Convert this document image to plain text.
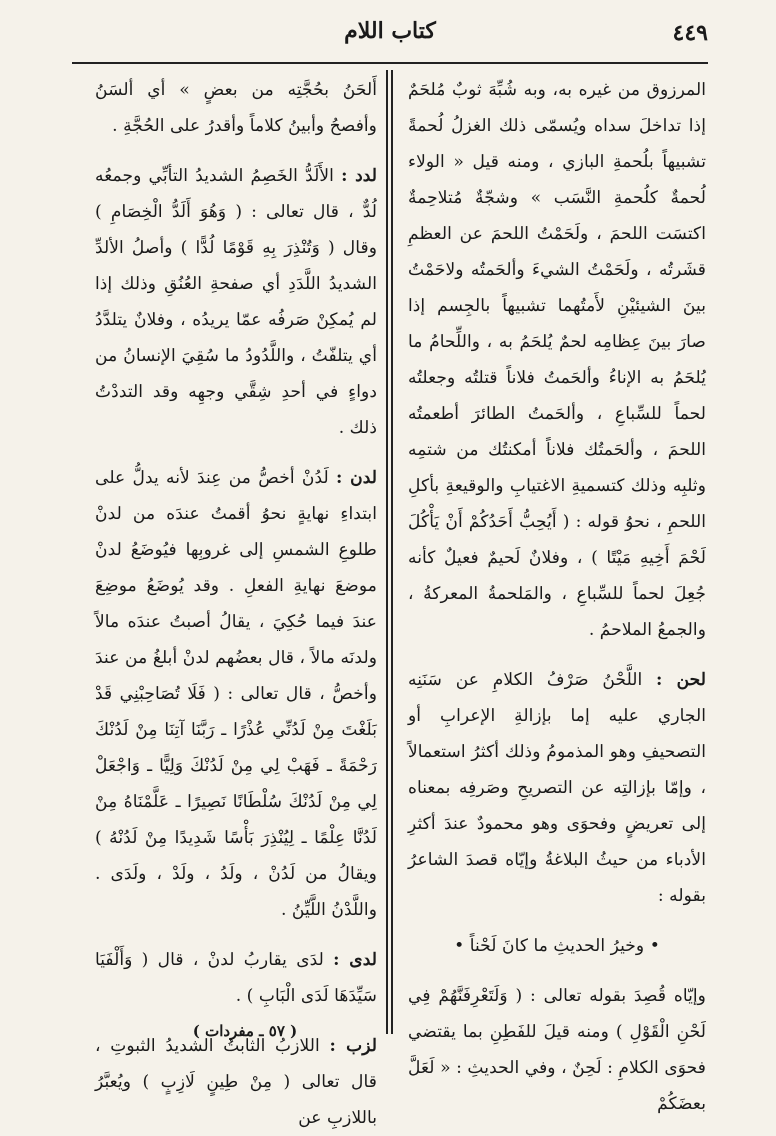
٤٤٩
كتاب اللام

المرزوق من غيره به، وبه شُبِّهَ ثوبٌ مُلحَمٌ إذا تداخلَ سداه ويُسمّى ذلك الغزلُ لُحمةً تشبيهاً بلُحمةِ البازي ، ومنه قيل « الولاء لُحمةٌ كلُحمةِ النَّسَب » وشجّةٌ مُتلاحِمةٌ اكتسَت اللحمَ ، ولَحَمْتُ اللحمَ عن العظمِ قشَرتُه ، ولَحَمْتُ الشيءَ وألحَمتُه ولاحَمْتُ بينَ الشيئيْنِ لأَمتُهما تشبيهاً بالجِسم إذا صارَ بينَ عِظامِه لحمٌ يُلحَمُ به ، واللِّحامُ ما يُلحَمُ به الإناءُ وألحَمتُ فلاناً قتلتُه وجعلتُه لحماً للسِّباعِ ، وألحَمتُ الطائرَ أطعمتُه اللحمَ ، وألحَمتُك فلاناً أمكنتُك من شتمِه وثلبِه وذلك كتسميةِ الاغتيابِ والوقيعةِ بأكلِ اللحمِ ، نحوُ قوله : ( أَيُحِبُّ أَحَدُكُمْ أَنْ يَأْكُلَ لَحْمَ أَخِيهِ مَيْتًا ) ، وفلانٌ لَحيمٌ فعيلٌ كأنه جُعِلَ لحماً للسِّباعِ ، والمَلحمةُ المعركةُ ، والجمعُ الملاحمُ .

لحن : اللَّحْنُ صَرْفُ الكلامِ عن سَنَنِه الجاري عليه إما بإزالةِ الإعرابِ أو التصحيفِ وهو المذمومُ وذلك أكثرُ استعمالاً ، وإمّا بإزالتِه عن التصريحِ وصَرفِه بمعناه إلى تعريضٍ وفحوَى وهو محمودٌ عندَ أكثرِ الأدباء من حيثُ البلاغةُ وإيّاه قصدَ الشاعرُ بقوله :

• وخيرُ الحديثِ ما كانَ لَحْناً •

وإيّاه قُصِدَ بقوله تعالى : ( وَلَتَعْرِفَنَّهُمْ فِي لَحْنِ الْقَوْلِ ) ومنه قيلَ للفَطِنِ بما يقتضي فحوَى الكلامِ : لَحِنٌ ، وفي الحديثِ : « لَعَلَّ بعضَكُمْ

أَلحَنُ بحُجَّتِه من بعضٍ » أي ألسَنُ وأفصحُ وأبينُ كلاماً وأقدرُ على الحُجَّةِ .

لدد : الأَلَدُّ الخَصِمُ الشديدُ التأبِّي وجمعُه لُدٌّ ، قال تعالى : ( وَهُوَ أَلَدُّ الْخِصَامِ ) وقال ( وَتُنْذِرَ بِهِ قَوْمًا لُدًّا ) وأصلُ الألدِّ الشديدُ اللَّدَدِ أي صفحةِ العُنُقِ وذلك إذا لم يُمكِنْ صَرفُه عمّا يريدُه ، وفلانٌ يتلدَّدُ أي يتلفّتُ ، واللَّدُودُ ما سُقِيَ الإنسانُ من دواءٍ في أحدِ شِقَّي وجهِه وقد التددْتُ ذلك .

لدن : لَدُنْ أخصُّ من عِندَ لأنه يدلُّ على ابتداءِ نهايةٍ نحوُ أقمتُ عندَه من لدنْ طلوعِ الشمسِ إلى غروبِها فيُوضَعُ لدنْ موضعَ نهايةِ الفعلِ . وقد يُوضَعُ موضِعَ عندَ فيما حُكِيَ ، يقالُ أصبتُ عندَه مالاً ولدنَه مالاً ، قال بعضُهم لدنْ أبلغُ من عندَ وأخصُّ ، قال تعالى : ( فَلَا تُصَاحِبْنِي قَدْ بَلَغْتَ مِنْ لَدُنِّي عُذْرًا ـ رَبَّنَا آتِنَا مِنْ لَدُنْكَ رَحْمَةً ـ فَهَبْ لِي مِنْ لَدُنْكَ وَلِيًّا ـ وَاجْعَلْ لِي مِنْ لَدُنْكَ سُلْطَانًا نَصِيرًا ـ عَلَّمْنَاهُ مِنْ لَدُنَّا عِلْمًا ـ لِيُنْذِرَ بَأْسًا شَدِيدًا مِنْ لَدُنْهُ ) ويقالُ من لَدُنْ ، ولَدُ ، ولَدْ ، ولَدَى . واللَّدْنُ اللَّيِّنُ .

لدى : لدَى يقاربُ لدنْ ، قال ( وَأَلْفَيَا سَيِّدَهَا لَدَى الْبَابِ ) .

لزب : اللازبُ الثابتُ الشديدُ الثبوتِ ، قال تعالى ( مِنْ طِينٍ لَازِبٍ ) ويُعبَّرُ باللازبِ عن

( ٥٧ ـ مفردات )
